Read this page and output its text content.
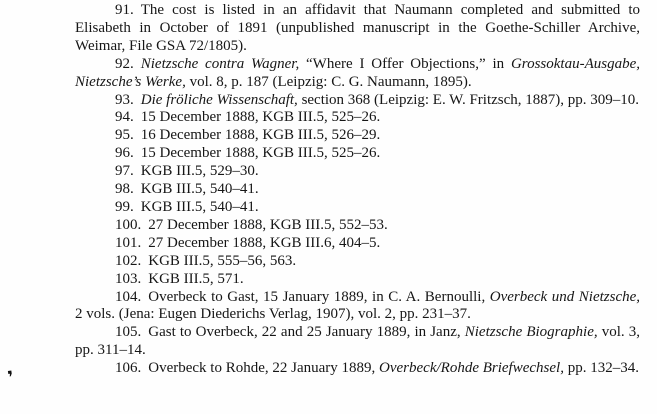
❜

91. The cost is listed in an affidavit that Naumann completed and submitted to Elisabeth in October of 1891 (unpublished manuscript in the Goethe-Schiller Archive, Weimar, File GSA 72/1805).

92. Nietzsche contra Wagner, “Where I Offer Objections,” in Grossoktau-Ausgabe, Nietzsche’s Werke, vol. 8, p. 187 (Leipzig: C. G. Naumann, 1895).

93. Die fröliche Wissenschaft, section 368 (Leipzig: E. W. Fritzsch, 1887), pp. 309–10.

94. 15 December 1888, KGB III.5, 525–26.

95. 16 December 1888, KGB III.5, 526–29.

96. 15 December 1888, KGB III.5, 525–26.

97. KGB III.5, 529–30.

98. KGB III.5, 540–41.

99. KGB III.5, 540–41.

100. 27 December 1888, KGB III.5, 552–53.

101. 27 December 1888, KGB III.6, 404–5.

102. KGB III.5, 555–56, 563.

103. KGB III.5, 571.

104. Overbeck to Gast, 15 January 1889, in C. A. Bernoulli, Overbeck und Nietzsche, 2 vols. (Jena: Eugen Diederichs Verlag, 1907), vol. 2, pp. 231–37.

105. Gast to Overbeck, 22 and 25 January 1889, in Janz, Nietzsche Biographie, vol. 3, pp. 311–14.

106. Overbeck to Rohde, 22 January 1889, Overbeck/Rohde Briefwechsel, pp. 132–34.
